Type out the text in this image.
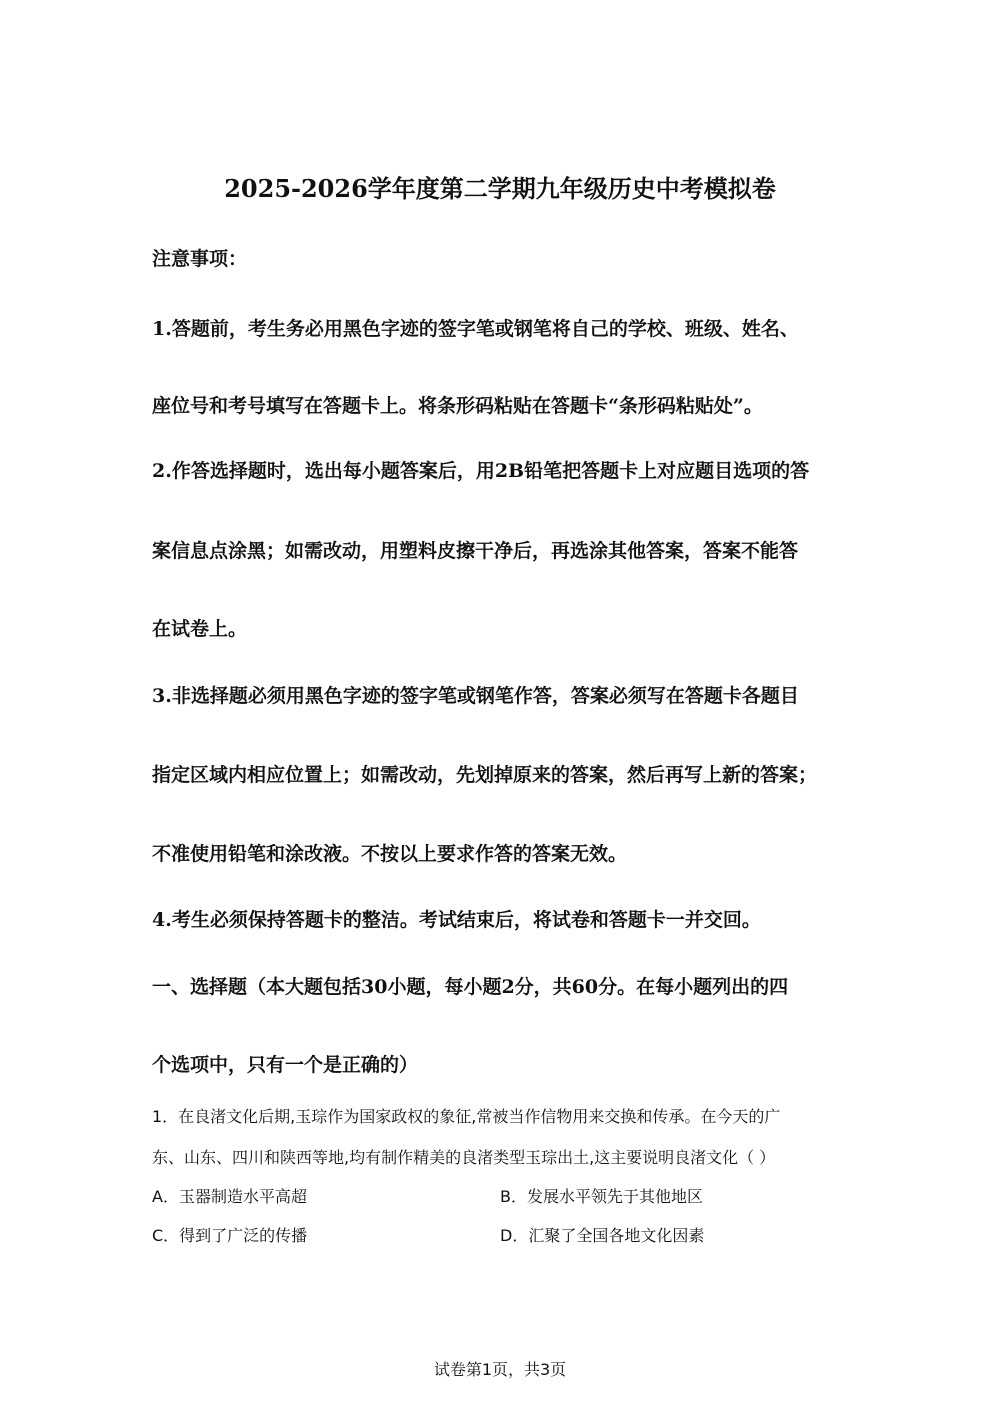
2025-2026学年度第二学期九年级历史中考模拟卷
注意事项：
1.答题前，考生务必用黑色字迹的签字笔或钢笔将自己的学校、班级、姓名、
座位号和考号填写在答题卡上。将条形码粘贴在答题卡“条形码粘贴处”。
2.作答选择题时，选出每小题答案后，用2B铅笔把答题卡上对应题目选项的答
案信息点涂黑；如需改动，用塑料皮擦干净后，再选涂其他答案，答案不能答
在试卷上。
3.非选择题必须用黑色字迹的签字笔或钢笔作答，答案必须写在答题卡各题目
指定区域内相应位置上；如需改动，先划掉原来的答案，然后再写上新的答案；
不准使用铅笔和涂改液。不按以上要求作答的答案无效。
4.考生必须保持答题卡的整洁。考试结束后，将试卷和答题卡一并交回。
一、选择题（本大题包括30小题，每小题2分，共60分。在每小题列出的四
个选项中，只有一个是正确的）
1．在良渚文化后期,玉琮作为国家政权的象征,常被当作信物用来交换和传承。在今天的广
东、山东、四川和陕西等地,均有制作精美的良渚类型玉琮出土,这主要说明良渚文化（ ）
A．玉器制造水平高超	B．发展水平领先于其他地区
C．得到了广泛的传播	D．汇聚了全国各地文化因素
试卷第1页，共3页
